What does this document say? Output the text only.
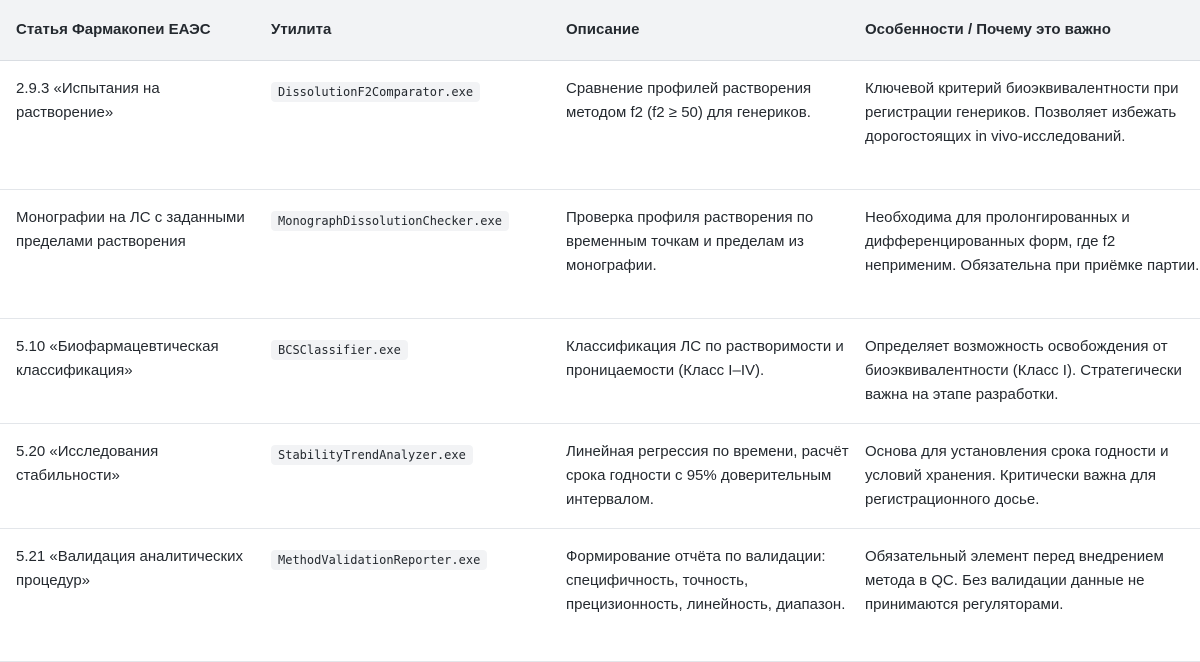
Статья Фармакопеи ЕАЭС	Утилита	Описание	Особенности / Почему это важно
2.9.3 «Испытания на растворение»	DissolutionF2Comparator.exe	Сравнение профилей растворения методом f2 (f2 ≥ 50) для генериков.	Ключевой критерий биоэквивалентности при регистрации генериков. Позволяет избежать дорогостоящих in vivo-исследований.
Монографии на ЛС с заданными пределами растворения	MonographDissolutionChecker.exe	Проверка профиля растворения по временным точкам и пределам из монографии.	Необходима для пролонгированных и дифференцированных форм, где f2 неприменим. Обязательна при приёмке партии.
5.10 «Биофармацевтическая классификация»	BCSClassifier.exe	Классификация ЛС по растворимости и проницаемости (Класс I–IV).	Определяет возможность освобождения от биоэквивалентности (Класс I). Стратегически важна на этапе разработки.
5.20 «Исследования стабильности»	StabilityTrendAnalyzer.exe	Линейная регрессия по времени, расчёт срока годности с 95% доверительным интервалом.	Основа для установления срока годности и условий хранения. Критически важна для регистрационного досье.
5.21 «Валидация аналитических процедур»	MethodValidationReporter.exe	Формирование отчёта по валидации: специфичность, точность, прецизионность, линейность, диапазон.	Обязательный элемент перед внедрением метода в QC. Без валидации данные не принимаются регуляторами.
